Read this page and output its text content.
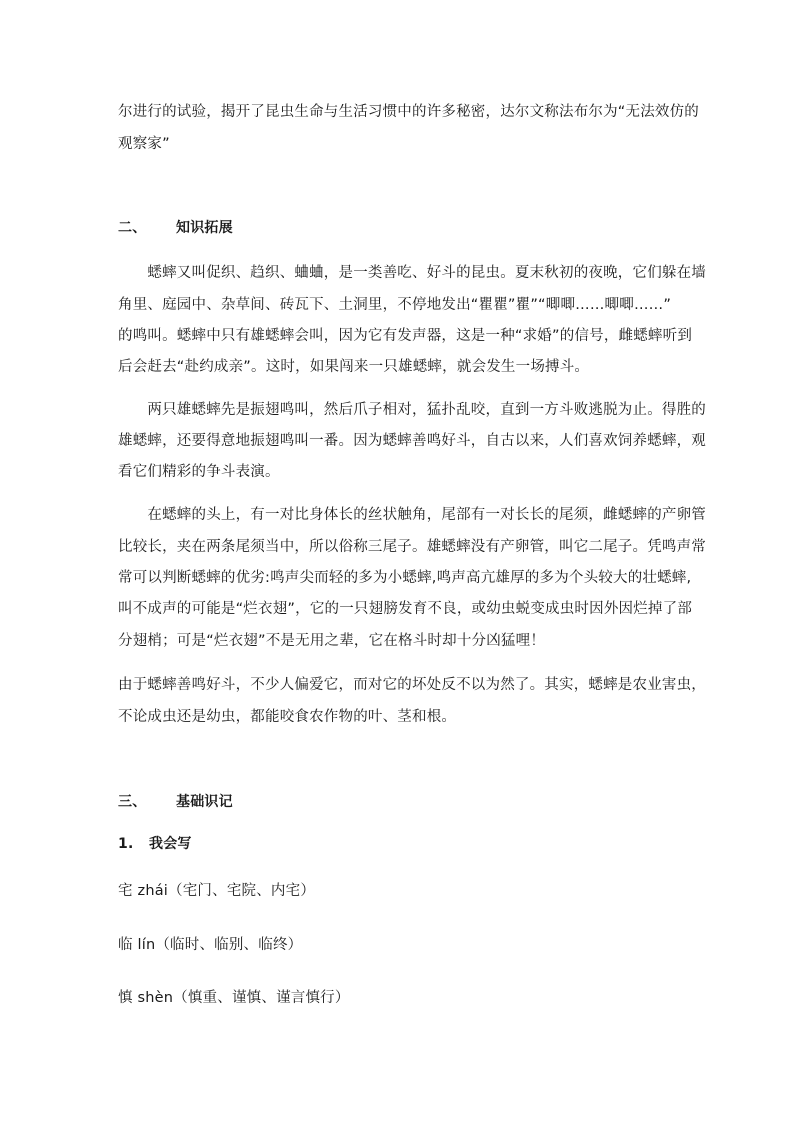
尔进行的试验，揭开了昆虫生命与生活习惯中的许多秘密，达尔文称法布尔为“无法效仿的
观察家”
二、 知识拓展
　　蟋蟀又叫促织、趋织、蛐蛐，是一类善吃、好斗的昆虫。夏末秋初的夜晚，它们躲在墙
角里、庭园中、杂草间、砖瓦下、土洞里，不停地发出“瞿瞿”瞿”“唧唧……唧唧……”
的鸣叫。蟋蟀中只有雄蟋蟀会叫，因为它有发声器，这是一种“求婚”的信号，雌蟋蟀听到
后会赶去“赴约成亲”。这时，如果闯来一只雄蟋蟀，就会发生一场搏斗。
　　两只雄蟋蟀先是振翅鸣叫，然后爪子相对，猛扑乱咬，直到一方斗败逃脱为止。得胜的
雄蟋蟀，还要得意地振翅鸣叫一番。因为蟋蟀善鸣好斗，自古以来，人们喜欢饲养蟋蟀，观
看它们精彩的争斗表演。
　　在蟋蟀的头上，有一对比身体长的丝状触角，尾部有一对长长的尾须，雌蟋蟀的产卵管
比较长，夹在两条尾须当中，所以俗称三尾子。雄蟋蟀没有产卵管，叫它二尾子。凭鸣声常
常可以判断蟋蟀的优劣:鸣声尖而轻的多为小蟋蟀,鸣声高亢雄厚的多为个头较大的壮蟋蟀,
叫不成声的可能是“烂衣翅”，它的一只翅膀发育不良，或幼虫蜕变成虫时因外因烂掉了部
分翅梢；可是“烂衣翅”不是无用之辈，它在格斗时却十分凶猛哩！
由于蟋蟀善鸣好斗，不少人偏爱它，而对它的坏处反不以为然了。其实，蟋蟀是农业害虫，
不论成虫还是幼虫，都能咬食农作物的叶、茎和根。
三、 基础识记
1. 我会写
宅 zhái（宅门、宅院、内宅）
临 lín（临时、临别、临终）
慎 shèn（慎重、谨慎、谨言慎行）
